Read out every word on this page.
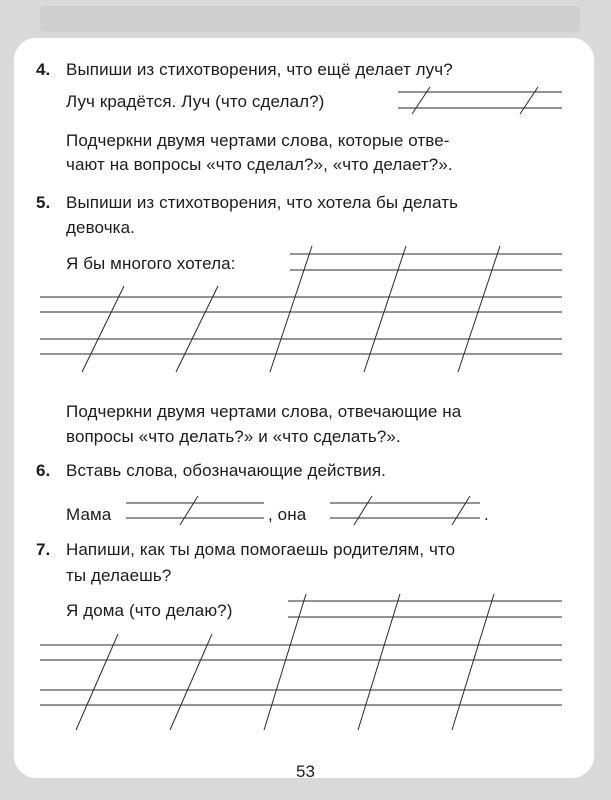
4. Выпиши из стихотворения, что ещё делает луч?
Луч крадётся. Луч (что сделал?)
Подчеркни двумя чертами слова, которые отве-
чают на вопросы «что сделал?», «что делает?».
5. Выпиши из стихотворения, что хотела бы делать
девочка.
Я бы многого хотела:
Подчеркни двумя чертами слова, отвечающие на
вопросы «что делать?» и «что сделать?».
6. Вставь слова, обозначающие действия.
Мама	, она	.
7. Напиши, как ты дома помогаешь родителям, что
ты делаешь?
Я дома (что делаю?)
53
